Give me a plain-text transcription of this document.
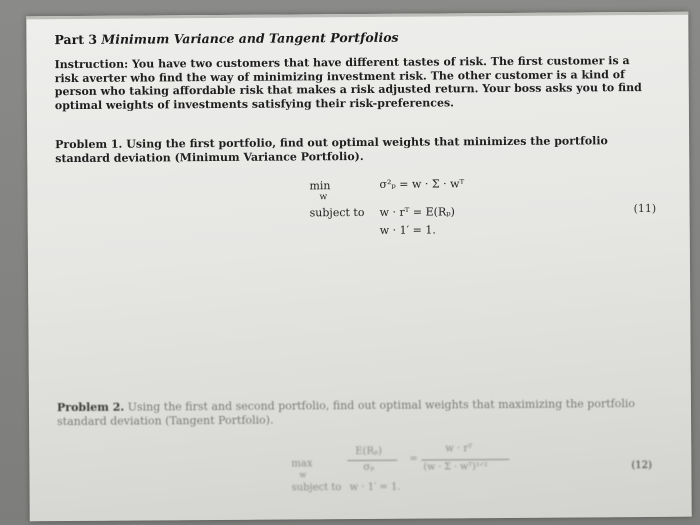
Part 3 Minimum Variance and Tangent Portfolios
Instruction: You have two customers that have different tastes of risk. The first customer is a risk averter who find the way of minimizing investment risk. The other customer is a kind of person who taking affordable risk that makes a risk adjusted return. Your boss asks you to find optimal weights of investments satisfying their risk-preferences.
Problem 1. Using the first portfolio, find out optimal weights that minimizes the portfolio standard deviation (Minimum Variance Portfolio).
min
w
σ²ₚ = w · Σ · wᵀ
subject to w · rᵀ = E(Rₚ)
w · 1′ = 1.
(11)
Problem 2. Using the first and second portfolio, find out optimal weights that maximizing the portfolio standard deviation (Tangent Portfolio).
max
w
E(Rₚ)
σₚ
=
w · rᵀ
(w · Σ · wᵀ)¹ᐟ²
subject to w · 1′ = 1.
(12)
